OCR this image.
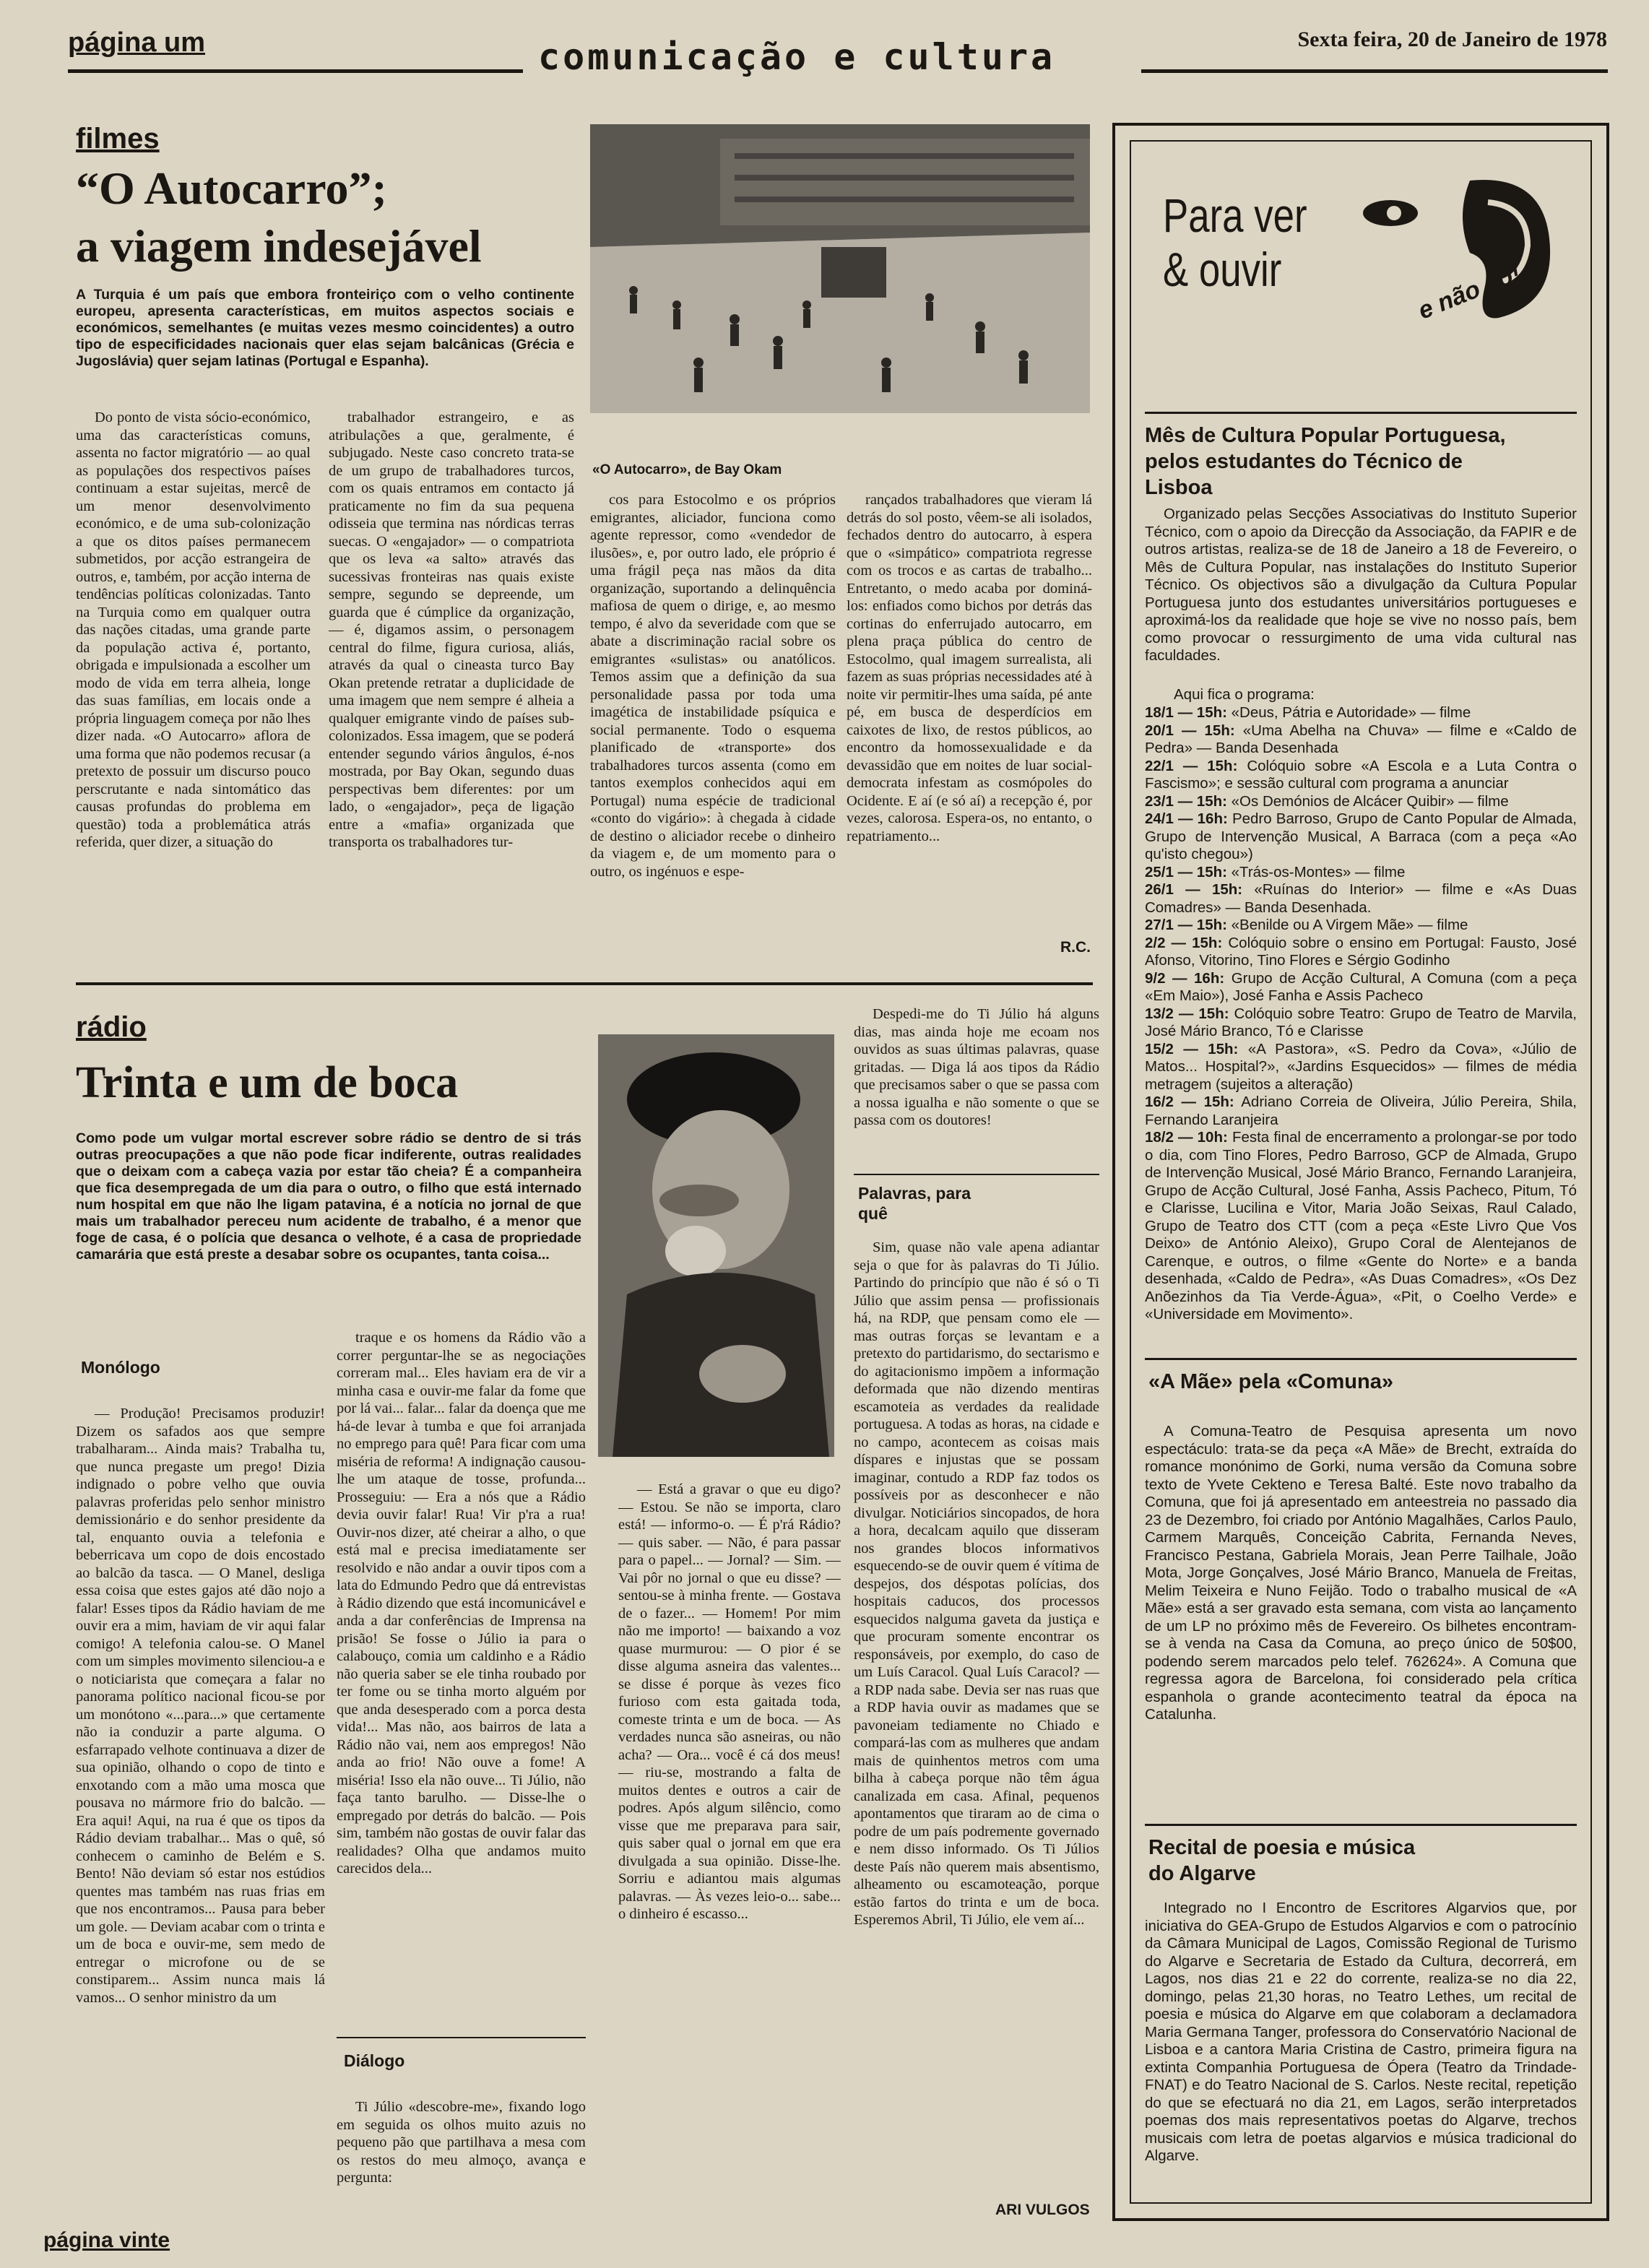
página um	comunicação e cultura	Sexta feira, 20 de Janeiro de 1978
filmes
“O Autocarro”;
a viagem indesejável
A Turquia é um país que embora fronteiriço com o velho continente europeu, apresenta características, em muitos aspectos sociais e económicos, semelhantes (e muitas vezes mesmo coincidentes) a outro tipo de especificidades nacionais quer elas sejam balcânicas (Grécia e Jugoslávia) quer sejam latinas (Portugal e Espanha).

Do ponto de vista sócio-económico, uma das características comuns, assenta no factor migratório — ao qual as populações dos respectivos países continuam a estar sujeitas, mercê de um menor desenvolvimento económico, e de uma sub-colonização a que os ditos países permanecem submetidos, por acção estrangeira de outros, e, também, por acção interna de tendências políticas colonizadas. Tanto na Turquia como em qualquer outra das nações citadas, uma grande parte da população activa é, portanto, obrigada e impulsionada a escolher um modo de vida em terra alheia, longe das suas famílias, em locais onde a própria linguagem começa por não lhes dizer nada. «O Autocarro» aflora de uma forma que não podemos recusar (a pretexto de possuir um discurso pouco perscrutante e nada sintomático das causas profundas do problema em questão) toda a problemática atrás referida, quer dizer, a situação do

trabalhador estrangeiro, e as atribulações a que, geralmente, é subjugado. Neste caso concreto trata-se de um grupo de trabalhadores turcos, com os quais entramos em contacto já praticamente no fim da sua pequena odisseia que termina nas nórdicas terras suecas. O «engajador» — o compatriota que os leva «a salto» através das sucessivas fronteiras nas quais existe sempre, segundo se depreende, um guarda que é cúmplice da organização, — é, digamos assim, o personagem central do filme, figura curiosa, aliás, através da qual o cineasta turco Bay Okan pretende retratar a duplicidade de uma imagem que nem sempre é alheia a qualquer emigrante vindo de países sub-colonizados. Essa imagem, que se poderá entender segundo vários ângulos, é-nos mostrada, por Bay Okan, segundo duas perspectivas bem diferentes: por um lado, o «engajador», peça de ligação entre a «mafia» organizada que transporta os trabalhadores tur-

«O Autocarro», de Bay Okam

cos para Estocolmo e os próprios emigrantes, aliciador, funciona como agente repressor, como «vendedor de ilusões», e, por outro lado, ele próprio é uma frágil peça nas mãos da dita organização, suportando a delinquência mafiosa de quem o dirige, e, ao mesmo tempo, é alvo da severidade com que se abate a discriminação racial sobre os emigrantes «sulistas» ou anatólicos. Temos assim que a definição da sua personalidade passa por toda uma imagética de instabilidade psíquica e social permanente. Todo o esquema planificado de «transporte» dos trabalhadores turcos assenta (como em tantos exemplos conhecidos aqui em Portugal) numa espécie de tradicional «conto do vigário»: à chegada à cidade de destino o aliciador recebe o dinheiro da viagem e, de um momento para o outro, os ingénuos e espe-

rançados trabalhadores que vieram lá detrás do sol posto, vêem-se ali isolados, fechados dentro do autocarro, à espera que o «simpático» compatriota regresse com os trocos e as cartas de trabalho... Entretanto, o medo acaba por dominá-los: enfiados como bichos por detrás das cortinas do enferrujado autocarro, em plena praça pública do centro de Estocolmo, qual imagem surrealista, ali fazem as suas próprias necessidades até à noite vir permitir-lhes uma saída, pé ante pé, em busca de desperdícios em caixotes de lixo, de restos públicos, ao encontro da homossexualidade e da devassidão que em noites de luar social-democrata infestam as cosmópoles do Ocidente. E aí (e só aí) a recepção é, por vezes, calorosa. Espera-os, no entanto, o repatriamento...

R.C.
rádio
Trinta e um de boca
Como pode um vulgar mortal escrever sobre rádio se dentro de si trás outras preocupações a que não pode ficar indiferente, outras realidades que o deixam com a cabeça vazia por estar tão cheia? É a companheira que fica desempregada de um dia para o outro, o filho que está internado num hospital em que não lhe ligam patavina, é a notícia no jornal de que mais um trabalhador pereceu num acidente de trabalho, é a menor que foge de casa, é o polícia que desanca o velhote, é a casa de propriedade camarária que está preste a desabar sobre os ocupantes, tanta coisa...
Monólogo

— Produção! Precisamos produzir! Dizem os safados aos que sempre trabalharam... Ainda mais? Trabalha tu, que nunca pregaste um prego! Dizia indignado o pobre velho que ouvia palavras proferidas pelo senhor ministro demissionário e do senhor presidente da tal, enquanto ouvia a telefonia e beberricava um copo de dois encostado ao balcão da tasca. — O Manel, desliga essa coisa que estes gajos até dão nojo a falar! Esses tipos da Rádio haviam de me ouvir era a mim, haviam de vir aqui falar comigo! A telefonia calou-se. O Manel com um simples movimento silenciou-a e o noticiarista que começara a falar no panorama político nacional ficou-se por um monótono «...para...» que certamente não ia conduzir a parte alguma. O esfarrapado velhote continuava a dizer de sua opinião, olhando o copo de tinto e enxotando com a mão uma mosca que pousava no mármore frio do balcão. — Era aqui! Aqui, na rua é que os tipos da Rádio deviam trabalhar... Mas o quê, só conhecem o caminho de Belém e S. Bento! Não deviam só estar nos estúdios quentes mas também nas ruas frias em que nos encontramos... Pausa para beber um gole. — Deviam acabar com o trinta e um de boca e ouvir-me, sem medo de entregar o microfone ou de se constiparem... Assim nunca mais lá vamos... O senhor ministro da um

traque e os homens da Rádio vão a correr perguntar-lhe se as negociações correram mal... Eles haviam era de vir a minha casa e ouvir-me falar da fome que por lá vai... falar... falar da doença que me há-de levar à tumba e que foi arranjada no emprego para quê! Para ficar com uma miséria de reforma! A indignação causou-lhe um ataque de tosse, profunda... Prosseguiu: — Era a nós que a Rádio devia ouvir falar! Rua! Vir p'ra a rua! Ouvir-nos dizer, até cheirar a alho, o que está mal e precisa imediatamente ser resolvido e não andar a ouvir tipos com a lata do Edmundo Pedro que dá entrevistas à Rádio dizendo que está incomunicável e anda a dar conferências de Imprensa na prisão! Se fosse o Júlio ia para o calabouço, comia um caldinho e a Rádio não queria saber se ele tinha roubado por ter fome ou se tinha morto alguém por que anda desesperado com a porca desta vida!... Mas não, aos bairros de lata a Rádio não vai, nem aos empregos! Não anda ao frio! Não ouve a fome! A miséria! Isso ela não ouve... Ti Júlio, não faça tanto barulho. — Disse-lhe o empregado por detrás do balcão. — Pois sim, também não gostas de ouvir falar das realidades? Olha que andamos muito carecidos dela...

Diálogo

Ti Júlio «descobre-me», fixando logo em seguida os olhos muito azuis no pequeno pão que partilhava a mesa com os restos do meu almoço, avança e pergunta:

— Está a gravar o que eu digo? — Estou. Se não se importa, claro está! — informo-o. — É p'rá Rádio? — quis saber. — Não, é para passar para o papel... — Jornal? — Sim. — Vai pôr no jornal o que eu disse? — sentou-se à minha frente. — Gostava de o fazer... — Homem! Por mim não me importo! — baixando a voz quase murmurou: — O pior é se disse alguma asneira das valentes... se disse é porque às vezes fico furioso com esta gaitada toda, comeste trinta e um de boca. — As verdades nunca são asneiras, ou não acha? — Ora... você é cá dos meus! — riu-se, mostrando a falta de muitos dentes e outros a cair de podres. Após algum silêncio, como visse que me preparava para sair, quis saber qual o jornal em que era divulgada a sua opinião. Disse-lhe. Sorriu e adiantou mais algumas palavras. — Às vezes leio-o... sabe... o dinheiro é escasso...

Despedi-me do Ti Júlio há alguns dias, mas ainda hoje me ecoam nos ouvidos as suas últimas palavras, quase gritadas. — Diga lá aos tipos da Rádio que precisamos saber o que se passa com a nossa igualha e não somente o que se passa com os doutores!

Palavras, para quê

Sim, quase não vale apena adiantar seja o que for às palavras do Ti Júlio. Partindo do princípio que não é só o Ti Júlio que assim pensa — profissionais há, na RDP, que pensam como ele — mas outras forças se levantam e a pretexto do partidarismo, do sectarismo e do agitacionismo impõem a informação deformada que não dizendo mentiras escamoteia as verdades da realidade portuguesa. A todas as horas, na cidade e no campo, acontecem as coisas mais díspares e injustas que se possam imaginar, contudo a RDP faz todos os possíveis por as desconhecer e não divulgar. Noticiários sincopados, de hora a hora, decalcam aquilo que disseram nos grandes blocos informativos esquecendo-se de ouvir quem é vítima de despejos, dos déspotas polícias, dos hospitais caducos, dos processos esquecidos nalguma gaveta da justiça e que procuram somente encontrar os responsáveis, por exemplo, do caso de um Luís Caracol. Qual Luís Caracol? — a RDP nada sabe. Devia ser nas ruas que a RDP havia ouvir as madames que se pavoneiam tediamente no Chiado e compará-las com as mulheres que andam mais de quinhentos metros com uma bilha à cabeça porque não têm água canalizada em casa. Afinal, pequenos apontamentos que tiraram ao de cima o podre de um país podremente governado e nem disso informado. Os Ti Júlios deste País não querem mais absentismo, alheamento ou escamoteação, porque estão fartos do trinta e um de boca. Esperemos Abril, Ti Júlio, ele vem aí...

ARI VULGOS
Para ver
& ouvir	e não só!
Mês de Cultura Popular Portuguesa, pelos estudantes do Técnico de Lisboa

Organizado pelas Secções Associativas do Instituto Superior Técnico, com o apoio da Direcção da Associação, da FAPIR e de outros artistas, realiza-se de 18 de Janeiro a 18 de Fevereiro, o Mês de Cultura Popular, nas instalações do Instituto Superior Técnico. Os objectivos são a divulgação da Cultura Popular Portuguesa junto dos estudantes universitários portugueses e aproximá-los da realidade que hoje se vive no nosso país, bem como provocar o ressurgimento de uma vida cultural nas faculdades.

Aqui fica o programa:
18/1 — 15h: «Deus, Pátria e Autoridade» — filme
20/1 — 15h: «Uma Abelha na Chuva» — filme e «Caldo de Pedra» — Banda Desenhada
22/1 — 15h: Colóquio sobre «A Escola e a Luta Contra o Fascismo»; e sessão cultural com programa a anunciar
23/1 — 15h: «Os Demónios de Alcácer Quibir» — filme
24/1 — 16h: Pedro Barroso, Grupo de Canto Popular de Almada, Grupo de Intervenção Musical, A Barraca (com a peça «Ao qu'isto chegou»)
25/1 — 15h: «Trás-os-Montes» — filme
26/1 — 15h: «Ruínas do Interior» — filme e «As Duas Comadres» — Banda Desenhada.
27/1 — 15h: «Benilde ou A Virgem Mãe» — filme
2/2 — 15h: Colóquio sobre o ensino em Portugal: Fausto, José Afonso, Vitorino, Tino Flores e Sérgio Godinho
9/2 — 16h: Grupo de Acção Cultural, A Comuna (com a peça «Em Maio»), José Fanha e Assis Pacheco
13/2 — 15h: Colóquio sobre Teatro: Grupo de Teatro de Marvila, José Mário Branco, Tó e Clarisse
15/2 — 15h: «A Pastora», «S. Pedro da Cova», «Júlio de Matos... Hospital?», «Jardins Esquecidos» — filmes de média metragem (sujeitos a alteração)
16/2 — 15h: Adriano Correia de Oliveira, Júlio Pereira, Shila, Fernando Laranjeira
18/2 — 10h: Festa final de encerramento a prolongar-se por todo o dia, com Tino Flores, Pedro Barroso, GCP de Almada, Grupo de Intervenção Musical, José Mário Branco, Fernando Laranjeira, Grupo de Acção Cultural, José Fanha, Assis Pacheco, Pitum, Tó e Clarisse, Lucilina e Vitor, Maria João Seixas, Raul Calado, Grupo de Teatro dos CTT (com a peça «Este Livro Que Vos Deixo» de António Aleixo), Grupo Coral de Alentejanos de Carenque, e outros, o filme «Gente do Norte» e a banda desenhada, «Caldo de Pedra», «As Duas Comadres», «Os Dez Anõezinhos da Tia Verde-Água», «Pit, o Coelho Verde» e «Universidade em Movimento».
«A Mãe» pela «Comuna»

A Comuna-Teatro de Pesquisa apresenta um novo espectáculo: trata-se da peça «A Mãe» de Brecht, extraída do romance monónimo de Gorki, numa versão da Comuna sobre texto de Yvete Cekteno e Teresa Balté. Este novo trabalho da Comuna, que foi já apresentado em anteestreia no passado dia 23 de Dezembro, foi criado por António Magalhães, Carlos Paulo, Carmem Marquês, Conceição Cabrita, Fernanda Neves, Francisco Pestana, Gabriela Morais, Jean Perre Tailhale, João Mota, Jorge Gonçalves, José Mário Branco, Manuela de Freitas, Melim Teixeira e Nuno Feijão. Todo o trabalho musical de «A Mãe» está a ser gravado esta semana, com vista ao lançamento de um LP no próximo mês de Fevereiro. Os bilhetes encontram-se à venda na Casa da Comuna, ao preço único de 50$00, podendo serem marcados pelo telef. 762624». A Comuna que regressa agora de Barcelona, foi considerado pela crítica espanhola o grande acontecimento teatral da época na Catalunha.

Recital de poesia e música do Algarve

Integrado no I Encontro de Escritores Algarvios que, por iniciativa do GEA-Grupo de Estudos Algarvios e com o patrocínio da Câmara Municipal de Lagos, Comissão Regional de Turismo do Algarve e Secretaria de Estado da Cultura, decorrerá, em Lagos, nos dias 21 e 22 do corrente, realiza-se no dia 22, domingo, pelas 21,30 horas, no Teatro Lethes, um recital de poesia e música do Algarve em que colaboram a declamadora Maria Germana Tanger, professora do Conservatório Nacional de Lisboa e a cantora Maria Cristina de Castro, primeira figura na extinta Companhia Portuguesa de Ópera (Teatro da Trindade-FNAT) e do Teatro Nacional de S. Carlos. Neste recital, repetição do que se efectuará no dia 21, em Lagos, serão interpretados poemas dos mais representativos poetas do Algarve, trechos musicais com letra de poetas algarvios e música tradicional do Algarve.

página vinte
